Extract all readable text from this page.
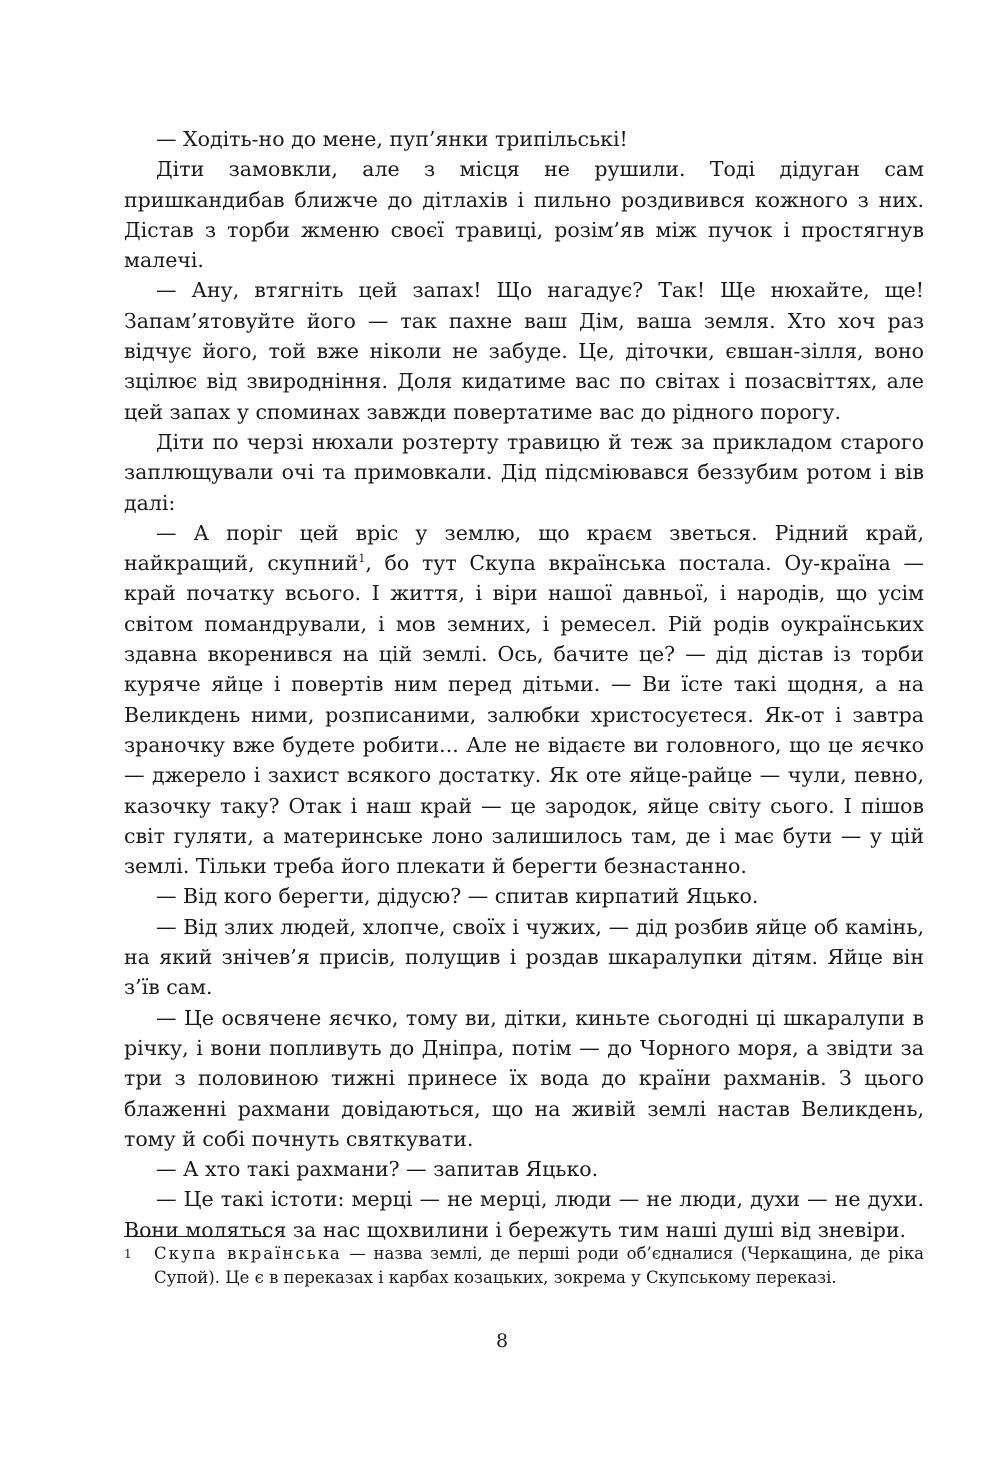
— Ходіть-но до мене, пуп’янки трипільські!

Діти замовкли, але з місця не рушили. Тоді дідуган сам пришкандибав ближче до дітлахів і пильно роздивився кожного з них. Дістав з торби жменю своєї травиці, розім’яв між пучок і простягнув малечі.

— Ану, втягніть цей запах! Що нагадує? Так! Ще нюхайте, ще! Запам’ятовуйте його — так пахне ваш Дім, ваша земля. Хто хоч раз відчує його, той вже ніколи не забуде. Це, діточки, євшан-зілля, воно зцілює від звироднiння. Доля кидатиме вас по світах і позасвіттях, але цей запах у споминах завжди повертатиме вас до рідного порогу.

Діти по черзі нюхали розтерту травицю й теж за прикладом старого заплющували очі та примовкали. Дід підсміювався беззубим ротом і вів далі:

— А поріг цей вріс у землю, що краєм зветься. Рідний край, найкращий, скупний$^1$, бо тут Скупа вкраїнська постала. Оу-країна — край початку всього. І життя, і віри нашої давньої, і народів, що усім світом помандрували, і мов земних, і ремесел. Рій родів оукраїнських здавна вкоренився на цій землі. Ось, бачите це? — дід дістав із торби куряче яйце і повертів ним перед дітьми. — Ви їсте такі щодня, а на Великдень ними, розписаними, залюбки христосуєтеся. Як-от і завтра зраночку вже будете робити... Але не відаєте ви головного, що це яєчко — джерело і захист всякого достатку. Як оте яйце-райце — чули, певно, казочку таку? Отак і наш край — це зародок, яйце світу сього. І пішов світ гуляти, а материнське лоно залишилось там, де і має бути — у цій землі. Тільки треба його плекати й берегти безнастанно.

— Від кого берегти, дідусю? — спитав кирпатий Яцько.

— Від злих людей, хлопче, своїх і чужих, — дід розбив яйце об камінь, на який знічев’я присів, полущив і роздав шкаралупки дітям. Яйце він з’їв сам.

— Це освячене яєчко, тому ви, дітки, киньте сьогодні ці шкаралупи в річку, і вони попливуть до Дніпра, потім — до Чорного моря, а звідти за три з половиною тижні принесе їх вода до країни рахманів. З цього блаженні рахмани довідаються, що на живій землі настав Великдень, тому й собі почнуть святкувати.

— А хто такі рахмани? — запитав Яцько.

— Це такі істоти: мерці — не мерці, люди — не люди, духи — не духи. Вони моляться за нас щохвилини і бережуть тим наші душі від зневіри.

1	Скупа вкраїнська — назва землі, де перші роди об’єдналися (Черкащина, де ріка Супой). Це є в переказах і карбах козацьких, зокрема у Скупському переказі.
8
